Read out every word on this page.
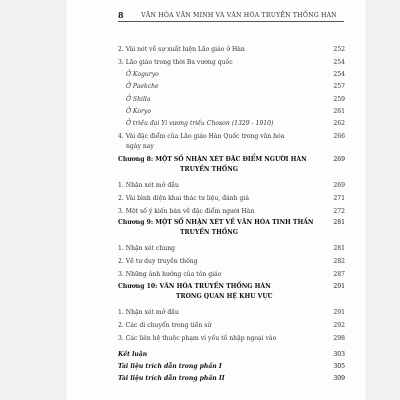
8	VĂN HÓA VĂN MINH VÀ VĂN HÓA TRUYỀN THỐNG HÀN
2. Vài nét về sự xuất hiện Lão giáo ở Hàn	252
3. Lão giáo trong thời Ba vương quốc	254
Ở Koguryo	254
Ở Paekche	257
Ở Shilla	259
Ở Koryo	261
Ở triều đại Yi vương triều Choson (1329 - 1910)	262
4. Vài đặc điểm của Lão giáo Hàn Quốc trong văn hóa	266
ngày nay
Chương 8: MỘT SỐ NHẬN XÉT ĐẶC ĐIỂM NGƯỜI HÀN	269
TRUYỀN THỐNG
1. Nhận xét mở đầu	269
2. Vài bình diện khai thác tư liệu, đánh giá	271
3. Một số ý kiến bàn về đặc điểm người Hàn	272
Chương 9: MỘT SỐ NHẬN XÉT VỀ VĂN HÓA TINH THẦN	281
TRUYỀN THỐNG
1. Nhận xét chung	281
2. Về tư duy truyền thống	282
3. Những ảnh hưởng của tôn giáo	287
Chương 10: VĂN HÓA TRUYỀN THỐNG HÀN	291
TRONG QUAN HỆ KHU VỰC
1. Nhận xét mở đầu	291
2. Các di chuyển trong tiền sử	292
3. Các liên hệ thuộc phạm vi yếu tố nhập ngoại vào	298
Kết luận	303
Tài liệu trích dẫn trong phần I	305
Tài liệu trích dẫn trong phần II	309
